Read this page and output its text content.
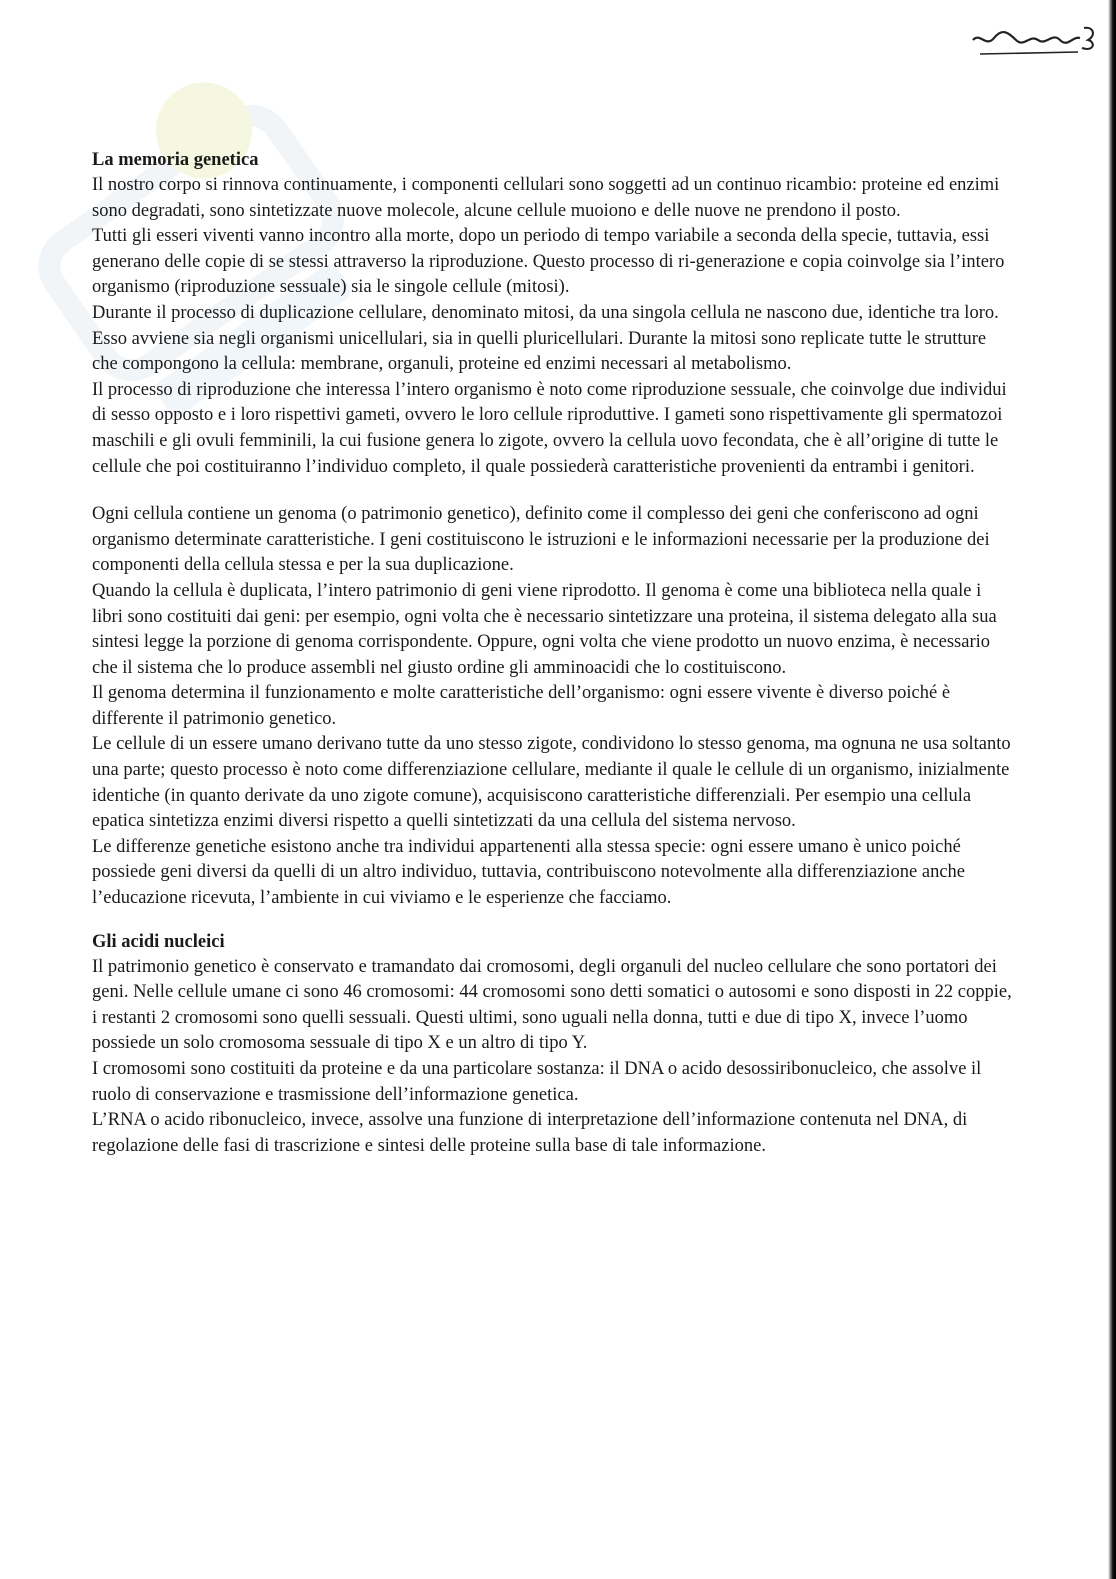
La memoria genetica

Il nostro corpo si rinnova continuamente, i componenti cellulari sono soggetti ad un continuo ricambio: proteine ed enzimi sono degradati, sono sintetizzate nuove molecole, alcune cellule muoiono e delle nuove ne prendono il posto.

Tutti gli esseri viventi vanno incontro alla morte, dopo un periodo di tempo variabile a seconda della specie, tuttavia, essi generano delle copie di se stessi attraverso la riproduzione. Questo processo di ri-generazione e copia coinvolge sia l’intero organismo (riproduzione sessuale) sia le singole cellule (mitosi).

Durante il processo di duplicazione cellulare, denominato mitosi, da una singola cellula ne nascono due, identiche tra loro. Esso avviene sia negli organismi unicellulari, sia in quelli pluricellulari. Durante la mitosi sono replicate tutte le strutture che compongono la cellula: membrane, organuli, proteine ed enzimi necessari al metabolismo.

Il processo di riproduzione che interessa l’intero organismo è noto come riproduzione sessuale, che coinvolge due individui di sesso opposto e i loro rispettivi gameti, ovvero le loro cellule riproduttive. I gameti sono rispettivamente gli spermatozoi maschili e gli ovuli femminili, la cui fusione genera lo zigote, ovvero la cellula uovo fecondata, che è all’origine di tutte le cellule che poi costituiranno l’individuo completo, il quale possiederà caratteristiche provenienti da entrambi i genitori.

Ogni cellula contiene un genoma (o patrimonio genetico), definito come il complesso dei geni che conferiscono ad ogni organismo determinate caratteristiche. I geni costituiscono le istruzioni e le informazioni necessarie per la produzione dei componenti della cellula stessa e per la sua duplicazione.

Quando la cellula è duplicata, l’intero patrimonio di geni viene riprodotto. Il genoma è come una biblioteca nella quale i libri sono costituiti dai geni: per esempio, ogni volta che è necessario sintetizzare una proteina, il sistema delegato alla sua sintesi legge la porzione di genoma corrispondente. Oppure, ogni volta che viene prodotto un nuovo enzima, è necessario che il sistema che lo produce assembli nel giusto ordine gli amminoacidi che lo costituiscono.

Il genoma determina il funzionamento e molte caratteristiche dell’organismo: ogni essere vivente è diverso poiché è differente il patrimonio genetico.

Le cellule di un essere umano derivano tutte da uno stesso zigote, condividono lo stesso genoma, ma ognuna ne usa soltanto una parte; questo processo è noto come differenziazione cellulare, mediante il quale le cellule di un organismo, inizialmente identiche (in quanto derivate da uno zigote comune), acquisiscono caratteristiche differenziali. Per esempio una cellula epatica sintetizza enzimi diversi rispetto a quelli sintetizzati da una cellula del sistema nervoso.

Le differenze genetiche esistono anche tra individui appartenenti alla stessa specie: ogni essere umano è unico poiché possiede geni diversi da quelli di un altro individuo, tuttavia, contribuiscono notevolmente alla differenziazione anche l’educazione ricevuta, l’ambiente in cui viviamo e le esperienze che facciamo.

Gli acidi nucleici

Il patrimonio genetico è conservato e tramandato dai cromosomi, degli organuli del nucleo cellulare che sono portatori dei geni. Nelle cellule umane ci sono 46 cromosomi: 44 cromosomi sono detti somatici o autosomi e sono disposti in 22 coppie, i restanti 2 cromosomi sono quelli sessuali. Questi ultimi, sono uguali nella donna, tutti e due di tipo X, invece l’uomo possiede un solo cromosoma sessuale di tipo X e un altro di tipo Y.

I cromosomi sono costituiti da proteine e da una particolare sostanza: il DNA o acido desossiribonucleico, che assolve il ruolo di conservazione e trasmissione dell’informazione genetica.

L’RNA o acido ribonucleico, invece, assolve una funzione di interpretazione dell’informazione contenuta nel DNA, di regolazione delle fasi di trascrizione e sintesi delle proteine sulla base di tale informazione.
